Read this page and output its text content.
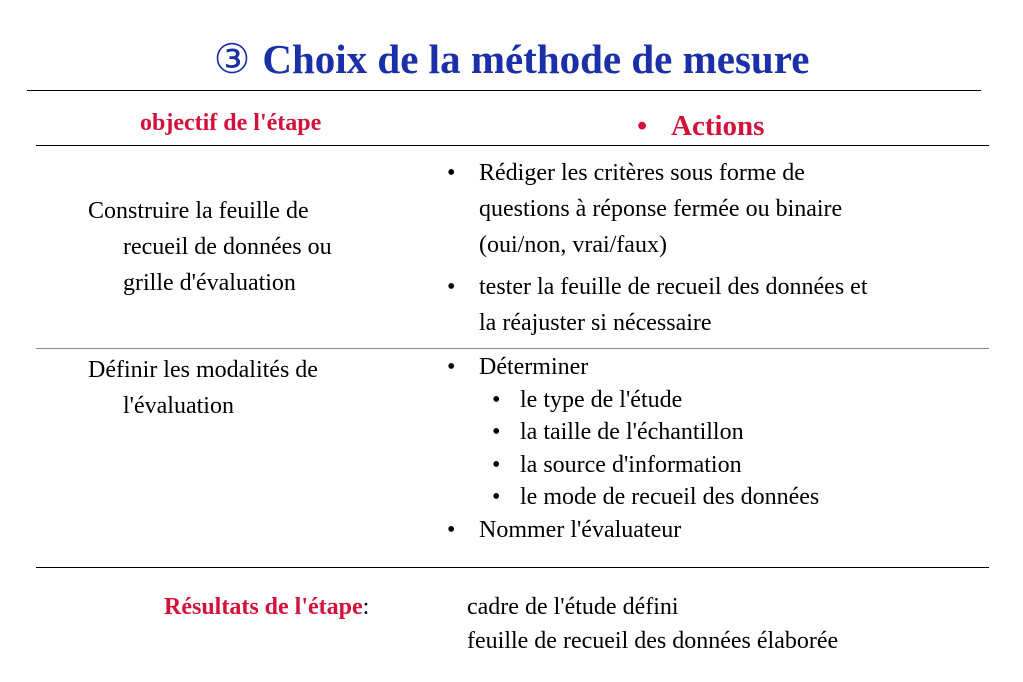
③ Choix de la méthode de mesure
objectif de l'étape	• Actions
Construire la feuille de
recueil de données ou
grille d'évaluation
• Rédiger les critères sous forme de
questions à réponse fermée ou binaire
(oui/non, vrai/faux)
• tester la feuille de recueil des données et
la réajuster si nécessaire
Définir les modalités de
l'évaluation
• Déterminer
• le type de l'étude
• la taille de l'échantillon
• la source d'information
• le mode de recueil des données
• Nommer l'évaluateur
Résultats de l'étape:	cadre de l'étude défini
feuille de recueil des données élaborée
